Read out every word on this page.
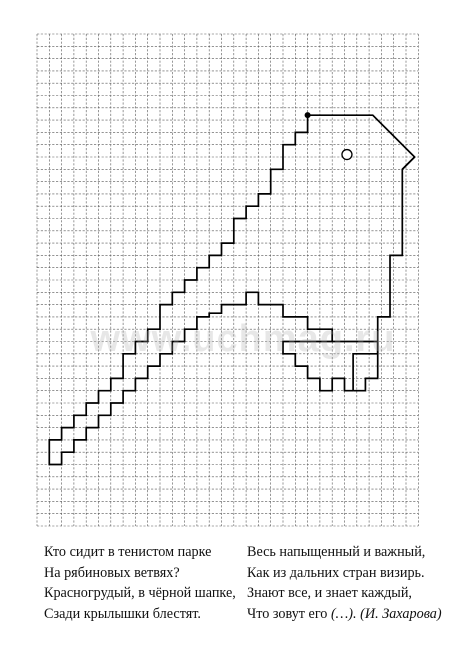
www.uchmag.ru
Кто сидит в тенистом парке
На рябиновых ветвях?
Красногрудый, в чёрной шапке,
Сзади крылышки блестят.
Весь напыщенный и важный,
Как из дальних стран визирь.
Знают все, и знает каждый,
Что зовут его (…). (И. Захарова)
